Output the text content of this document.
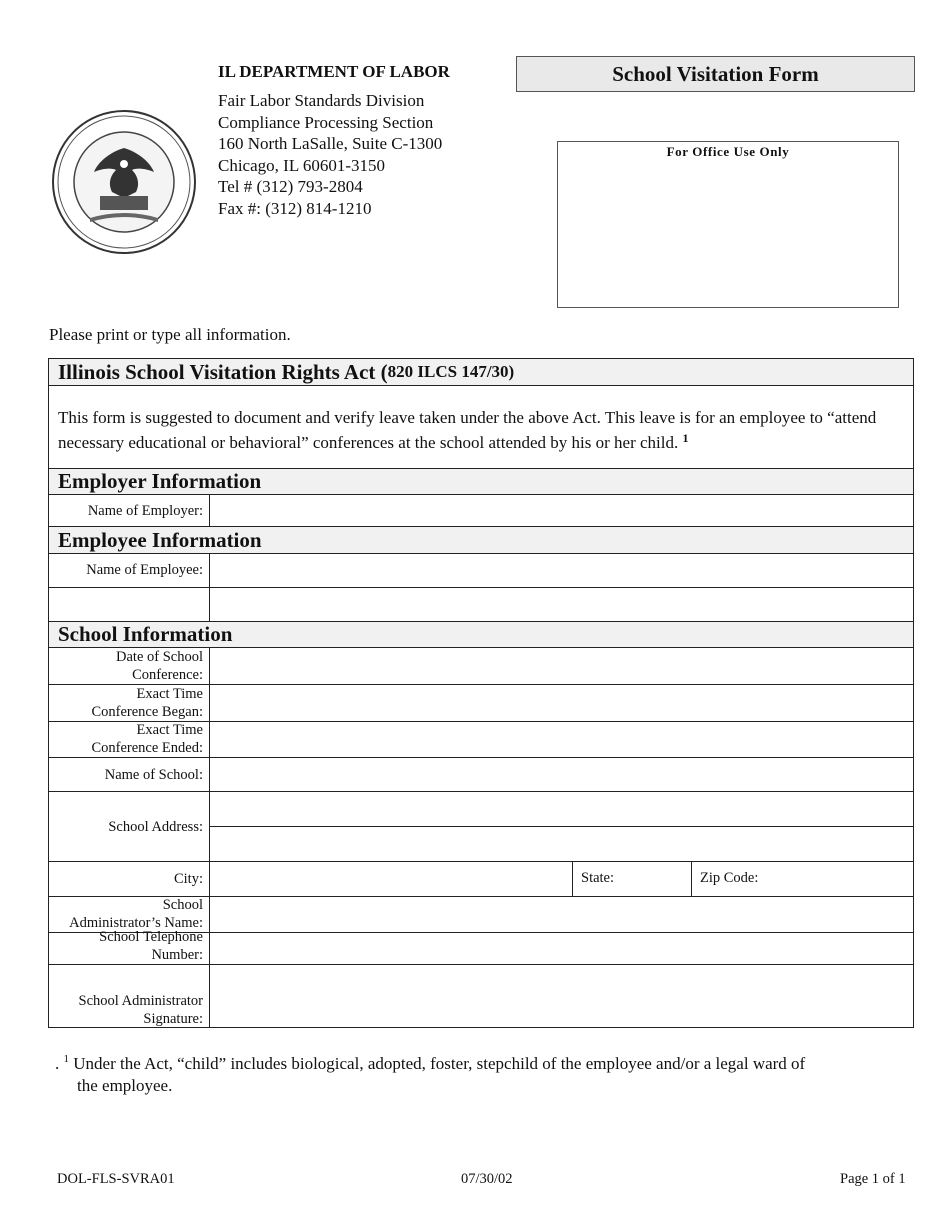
IL DEPARTMENT OF LABOR
Fair Labor Standards Division
Compliance Processing Section
160 North LaSalle, Suite C-1300
Chicago, IL 60601-3150
Tel # (312) 793-2804
Fax #: (312) 814-1210
School Visitation Form
For Office Use Only
Please print or type all information.
Illinois School Visitation Rights Act ( 820 ILCS 147/30)
This form is suggested to document and verify leave taken under the above Act. This leave is for an employee to “attend necessary educational or behavioral” conferences at the school attended by his or her child. $^1$
Employer Information
Name of Employer:
Employee Information
Name of Employee:
School Information
Date of School
Conference:
Exact Time
Conference Began:
Exact Time
Conference Ended:
Name of School:
School Address:
City:	State:	Zip Code:
School
Administrator’s Name:
School Telephone
Number:
School Administrator
Signature:
. $^1$ Under the Act, “child” includes biological, adopted, foster, stepchild of the employee and/or a legal ward of
the employee.
DOL-FLS-SVRA01	07/30/02	Page 1 of 1
